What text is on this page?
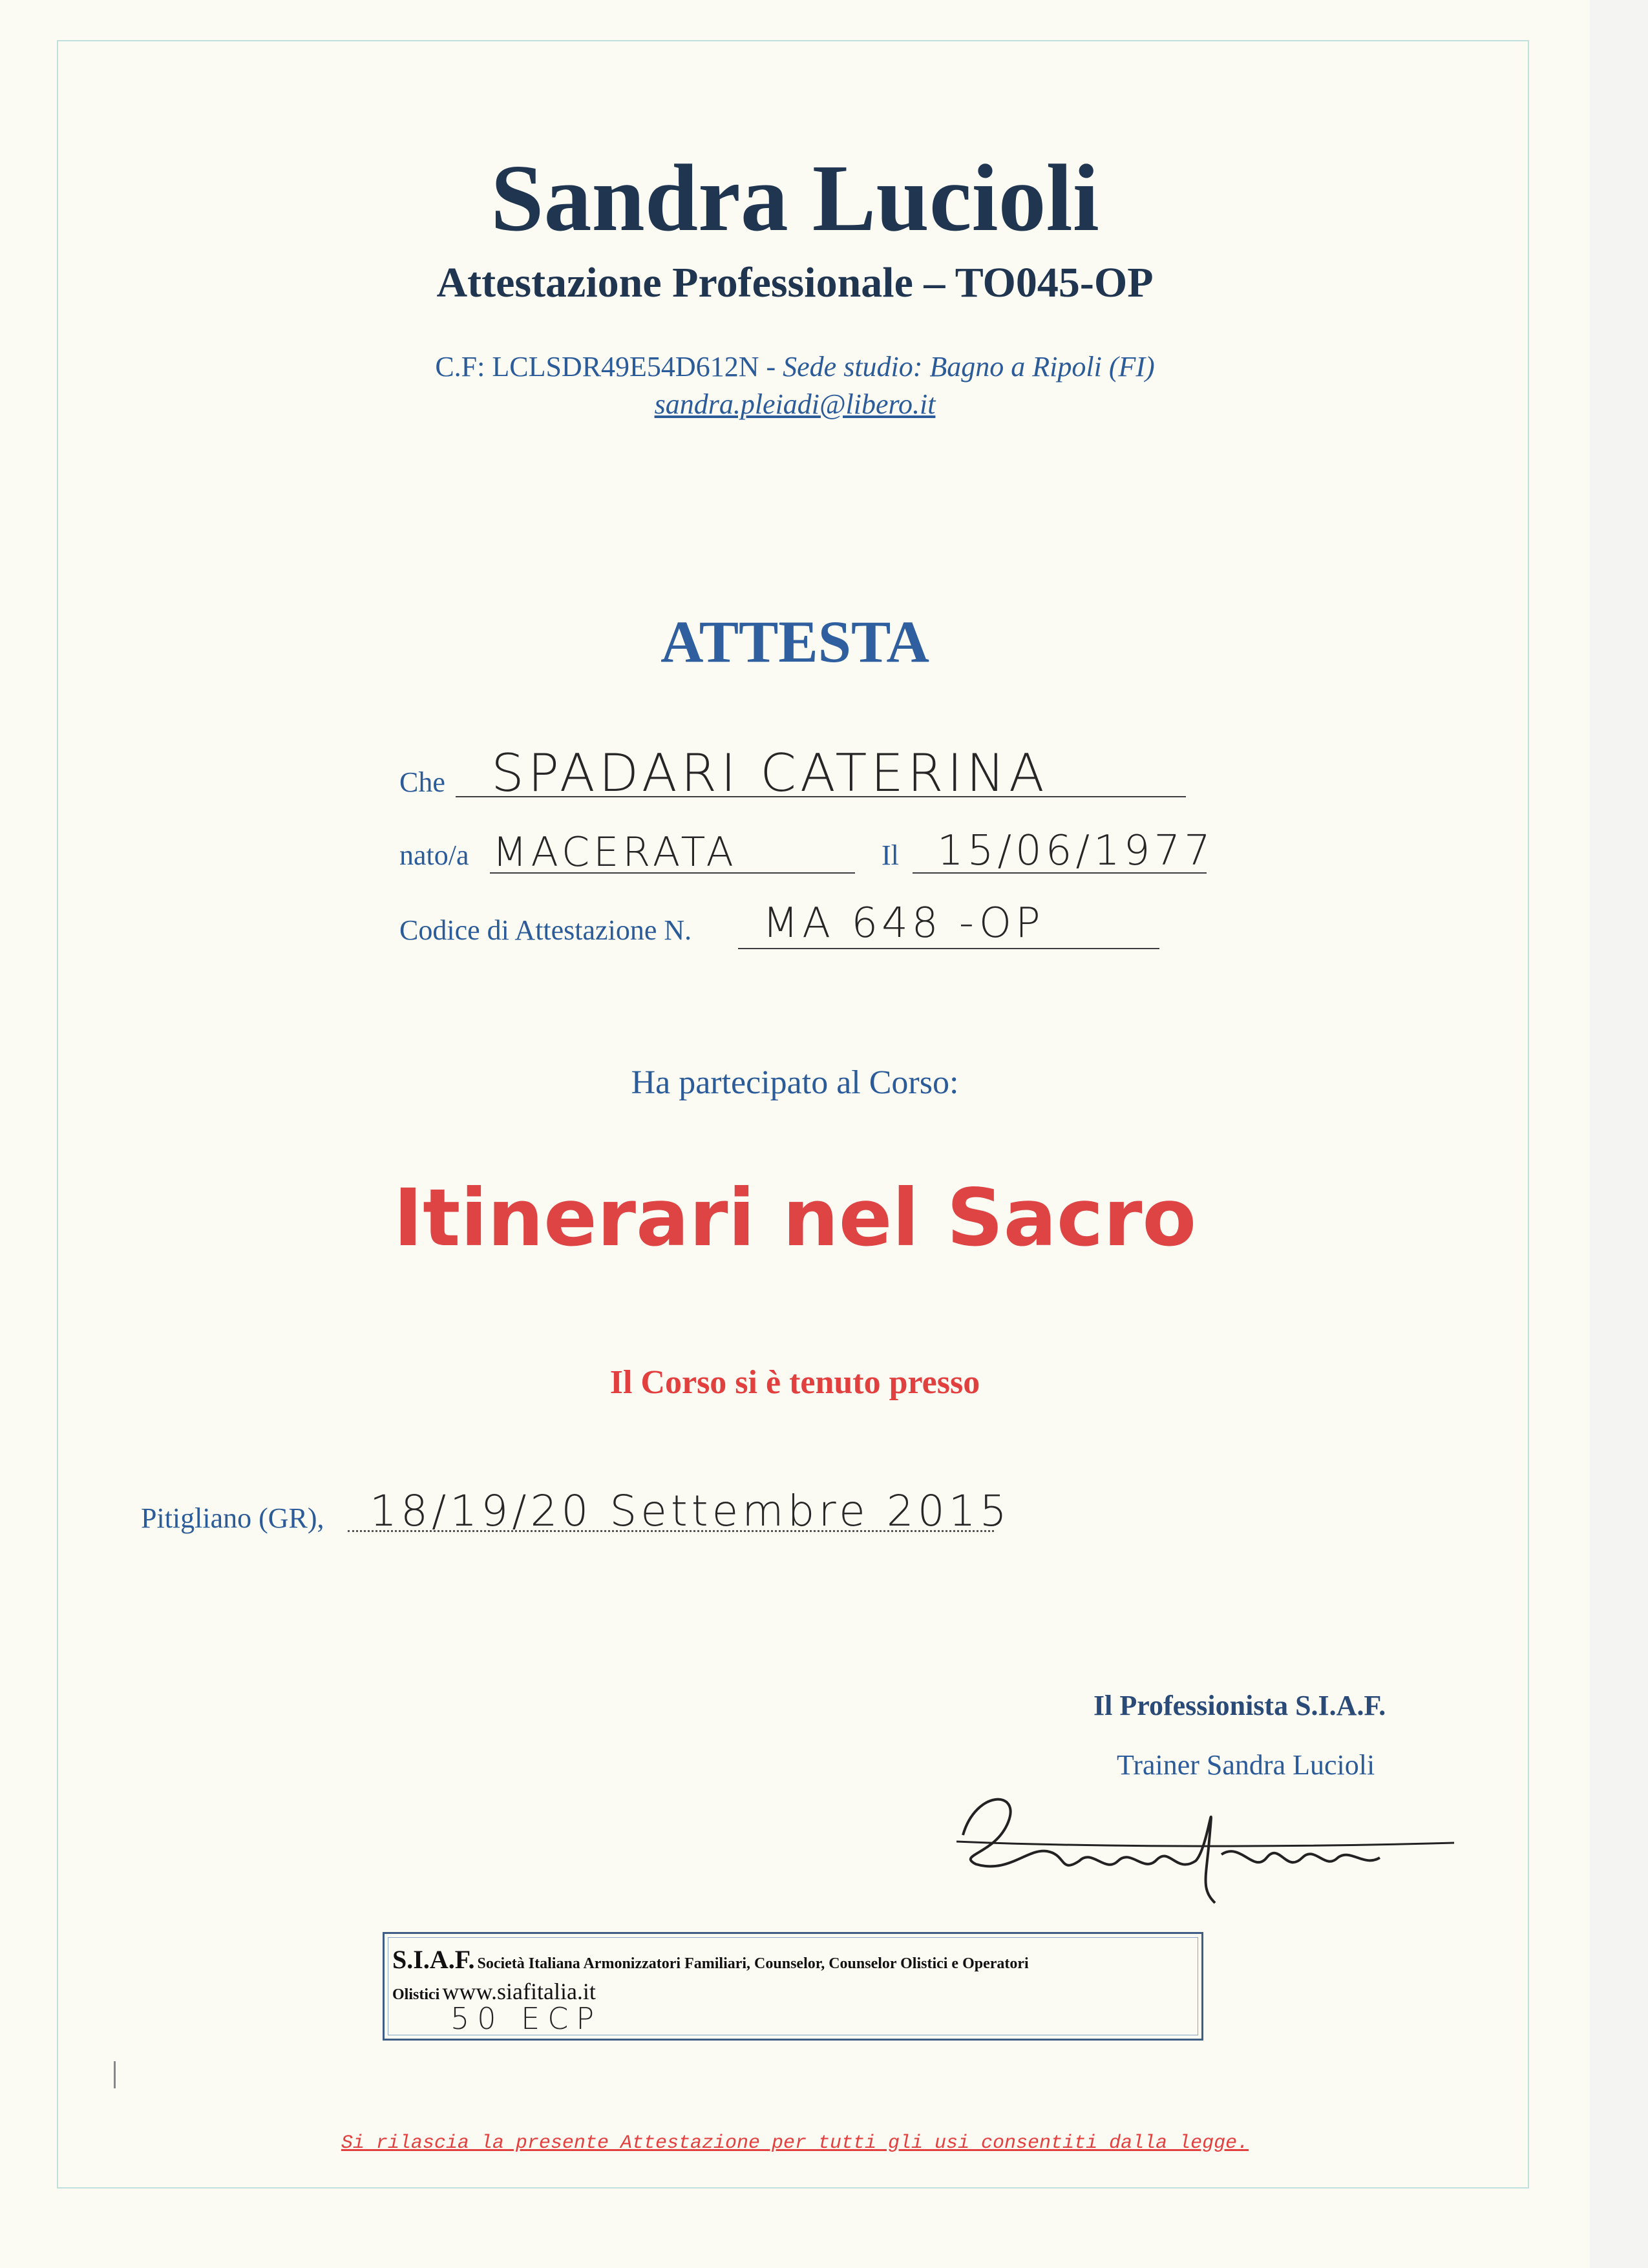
Sandra Lucioli
Attestazione Professionale – TO045-OP
C.F: LCLSDR49E54D612N - Sede studio: Bagno a Ripoli (FI)
sandra.pleiadi@libero.it
ATTESTA
Che SPADARI CATERINA
nato/a MACERATA	Il 15/06/1977
Codice di Attestazione N. MA 648 -OP
Ha partecipato al Corso:
Itinerari nel Sacro
Il Corso si è tenuto presso
Pitigliano (GR), 18/19/20 Settembre 2015
Il Professionista S.I.A.F.
Trainer Sandra Lucioli
S.I.A.F. Società Italiana Armonizzatori Familiari, Counselor, Counselor Olistici e Operatori
Olistici www.siafitalia.it
50 ECP
Si rilascia la presente Attestazione per tutti gli usi consentiti dalla legge.
